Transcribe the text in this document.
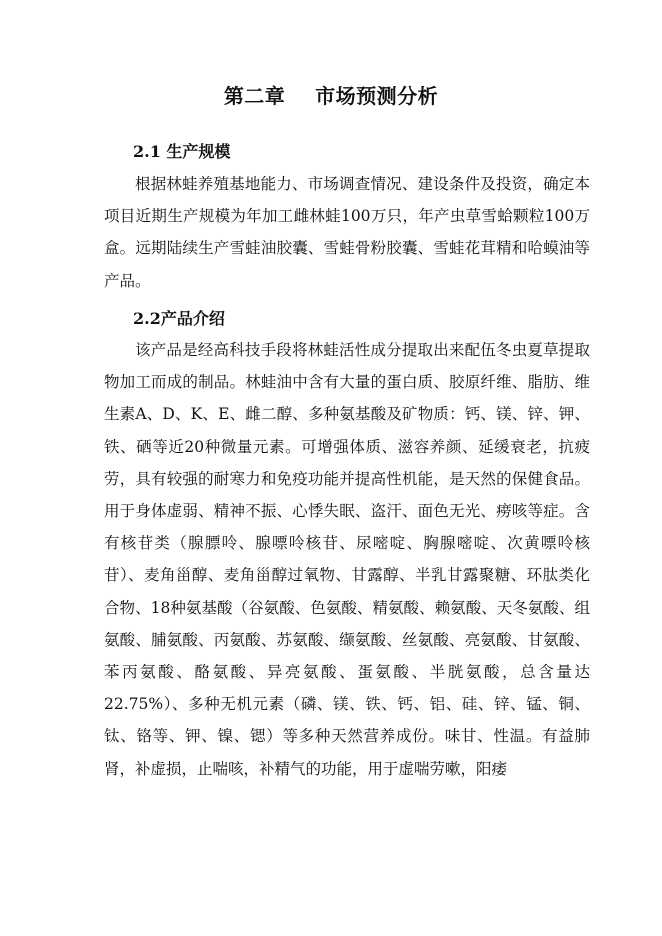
第二章    市场预测分析
2.1 生产规模

根据林蛙养殖基地能力、市场调查情况、建设条件及投资，确定本项目近期生产规模为年加工雌林蛙100万只，年产虫草雪蛤颗粒100万盒。远期陆续生产雪蛙油胶囊、雪蛙骨粉胶囊、雪蛙花茸精和哈蟆油等产品。

2.2产品介绍

该产品是经高科技手段将林蛙活性成分提取出来配伍冬虫夏草提取物加工而成的制品。林蛙油中含有大量的蛋白质、胶原纤维、脂肪、维生素A、D、K、E、雌二醇、多种氨基酸及矿物质：钙、镁、锌、钾、铁、硒等近20种微量元素。可增强体质、滋容养颜、延缓衰老，抗疲劳，具有较强的耐寒力和免疫功能并提高性机能，是天然的保健食品。用于身体虚弱、精神不振、心悸失眠、盗汗、面色无光、痨咳等症。含有核苷类（腺膘呤、腺嘌呤核苷、尿嘧啶、胸腺嘧啶、次黄嘌呤核苷）、麦角甾醇、麦角甾醇过氧物、甘露醇、半乳甘露聚糖、环肽类化合物、18种氨基酸（谷氨酸、色氨酸、精氨酸、赖氨酸、天冬氨酸、组氨酸、脯氨酸、丙氨酸、苏氨酸、缬氨酸、丝氨酸、亮氨酸、甘氨酸、苯丙氨酸、酪氨酸、异亮氨酸、蛋氨酸、半胱氨酸，总含量达22.75%）、多种无机元素（磷、镁、铁、钙、铝、硅、锌、锰、铜、钛、铬等、钾、镍、锶）等多种天然营养成份。味甘、性温。有益肺肾，补虚损，止喘咳，补精气的功能，用于虚喘劳嗽，阳痿
